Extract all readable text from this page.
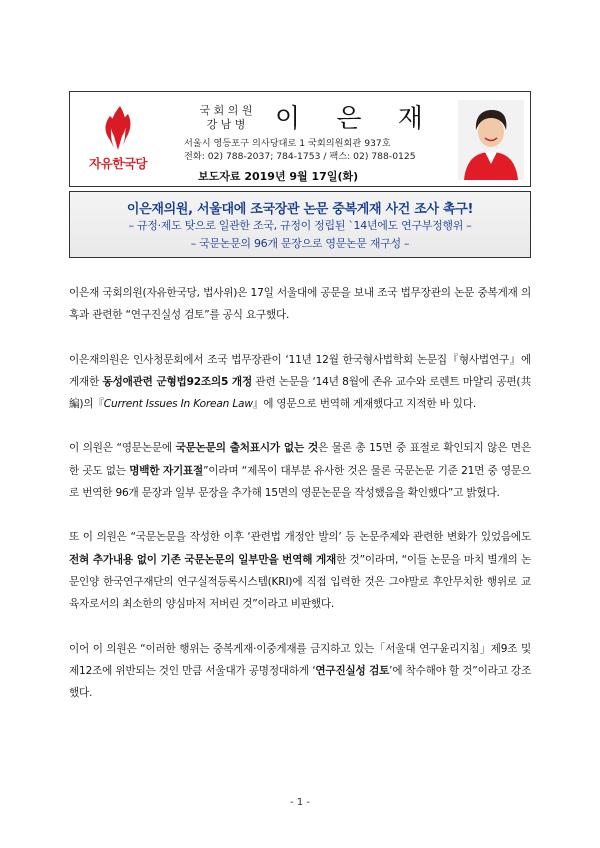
자유한국당
국 회 의 원
강 남 병	이 은 재
서울시 영등포구 의사당대로 1 국회의원회관 937호
전화: 02) 788-2037; 784-1753 / 팩스: 02) 788-0125
보도자료 2019년 9월 17일(화)
이은재의원, 서울대에 조국장관 논문 중복게재 사건 조사 촉구!
– 규정·제도 탓으로 일관한 조국, 규정이 정립된 `14년에도 연구부정행위 –
– 국문논문의 96개 문장으로 영문논문 재구성 –

이은재 국회의원(자유한국당, 법사위)은 17일 서울대에 공문을 보내 조국 법무장관의 논문 중복게재 의혹과 관련한 “연구진실성 검토”를 공식 요구했다.

이은재의원은 인사청문회에서 조국 법무장관이 ‘11년 12월 한국형사법학회 논문집『형사법연구』에 게재한 동성애관련 군형법92조의5 개정 관련 논문을 ‘14년 8월에 존유 교수와 로렌트 마얄리 공편(共編)의『Current Issues In Korean Law』에 영문으로 번역해 게재했다고 지적한 바 있다.

이 의원은 “영문논문에 국문논문의 출처표시가 없는 것은 물론 총 15면 중 표절로 확인되지 않은 면은 한 곳도 없는 명백한 자기표절”이라며 “제목이 대부분 유사한 것은 물론 국문논문 기준 21면 중 영문으로 번역한 96개 문장과 일부 문장을 추가해 15면의 영문논문을 작성했음을 확인했다”고 밝혔다.

또 이 의원은 “국문논문을 작성한 이후 ‘관련법 개정안 발의’ 등 논문주제와 관련한 변화가 있었음에도 전혀 추가내용 없이 기존 국문논문의 일부만을 번역해 게재한 것”이라며, “이들 논문을 마치 별개의 논문인양 한국연구재단의 연구실적등록시스템(KRI)에 직접 입력한 것은 그야말로 후안무치한 행위로 교육자로서의 최소한의 양심마저 저버린 것”이라고 비판했다.

이어 이 의원은 “이러한 행위는 중복게재·이중게재를 금지하고 있는「서울대 연구윤리지침」제9조 및 제12조에 위반되는 것인 만큼 서울대가 공명정대하게 ‘연구진실성 검토’에 착수해야 할 것”이라고 강조했다.

- 1 -
